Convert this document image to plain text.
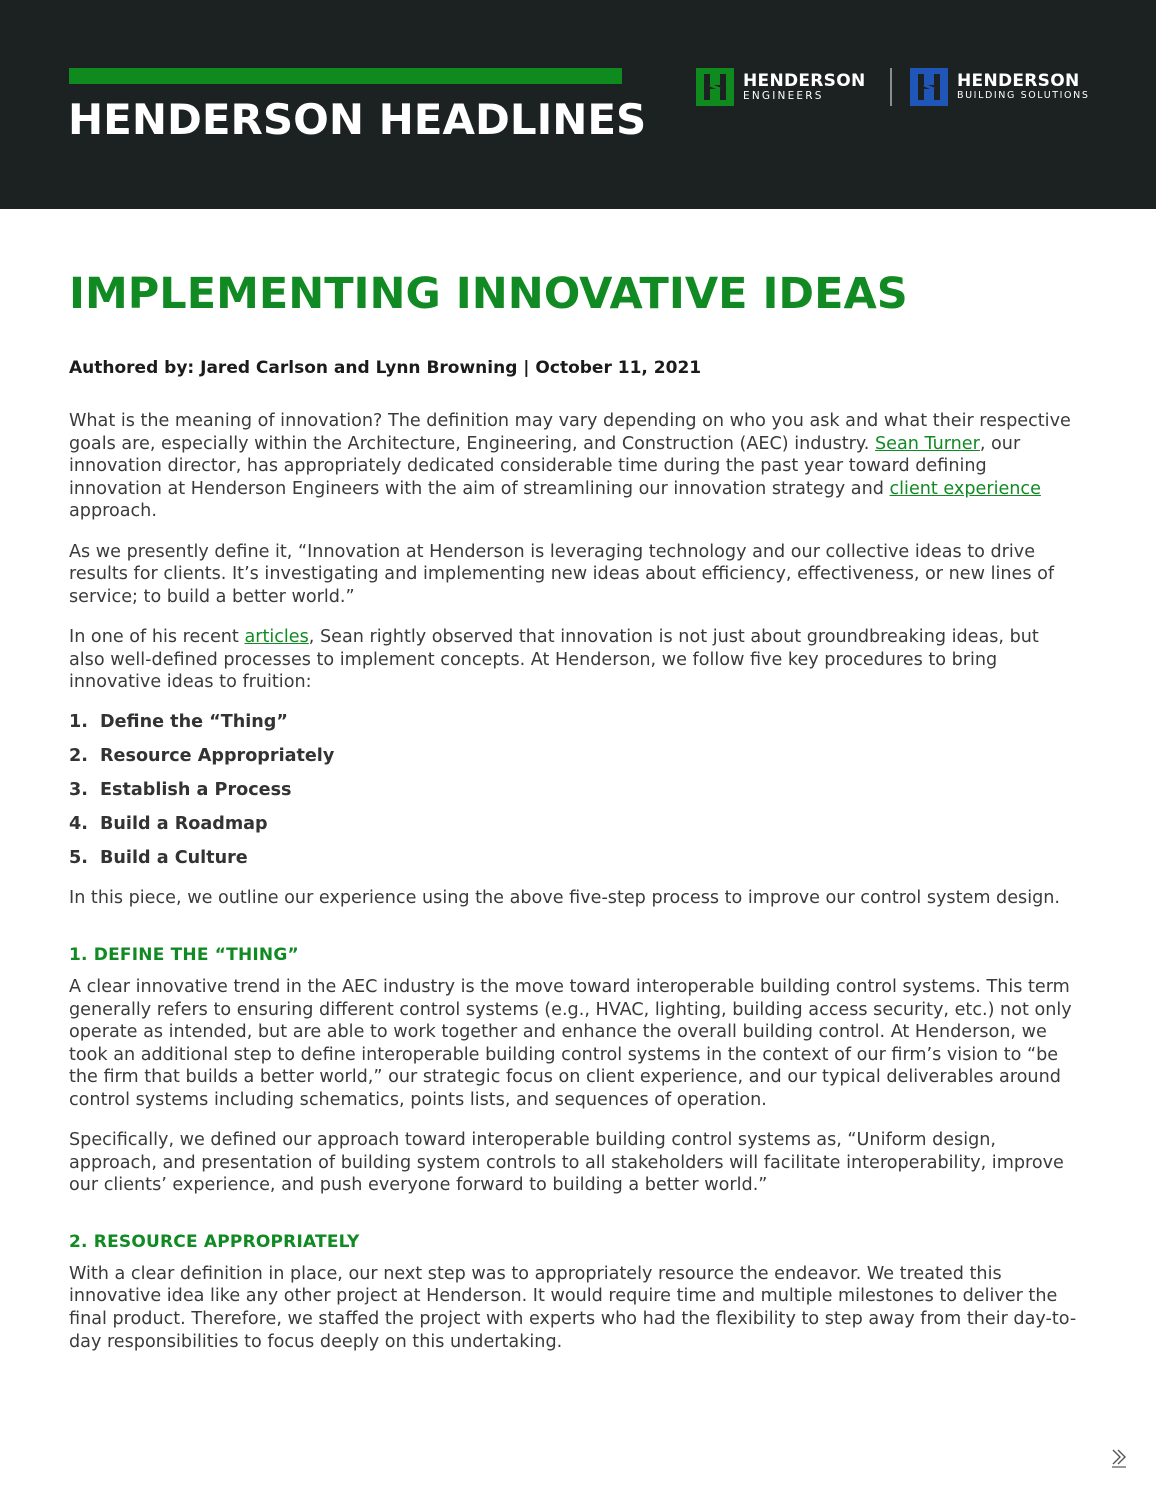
HENDERSON HEADLINES
HENDERSON
ENGINEERS
HENDERSON
BUILDING SOLUTIONS
IMPLEMENTING INNOVATIVE IDEAS
Authored by: Jared Carlson and Lynn Browning | October 11, 2021

What is the meaning of innovation? The definition may vary depending on who you ask and what their respective goals are, especially within the Architecture, Engineering, and Construction (AEC) industry. Sean Turner, our innovation director, has appropriately dedicated considerable time during the past year toward defining innovation at Henderson Engineers with the aim of streamlining our innovation strategy and client experience approach.

As we presently define it, “Innovation at Henderson is leveraging technology and our collective ideas to drive results for clients. It’s investigating and implementing new ideas about efficiency, effectiveness, or new lines of service; to build a better world.”

In one of his recent articles, Sean rightly observed that innovation is not just about groundbreaking ideas, but also well-defined processes to implement concepts. At Henderson, we follow five key procedures to bring innovative ideas to fruition:

1. Define the “Thing”
2. Resource Appropriately
3. Establish a Process
4. Build a Roadmap
5. Build a Culture

In this piece, we outline our experience using the above five-step process to improve our control system design.

1. DEFINE THE “THING”

A clear innovative trend in the AEC industry is the move toward interoperable building control systems. This term generally refers to ensuring different control systems (e.g., HVAC, lighting, building access security, etc.) not only operate as intended, but are able to work together and enhance the overall building control. At Henderson, we took an additional step to define interoperable building control systems in the context of our firm’s vision to “be the firm that builds a better world,” our strategic focus on client experience, and our typical deliverables around control systems including schematics, points lists, and sequences of operation.

Specifically, we defined our approach toward interoperable building control systems as, “Uniform design, approach, and presentation of building system controls to all stakeholders will facilitate interoperability, improve our clients’ experience, and push everyone forward to building a better world.”

2. RESOURCE APPROPRIATELY

With a clear definition in place, our next step was to appropriately resource the endeavor. We treated this innovative idea like any other project at Henderson. It would require time and multiple milestones to deliver the final product. Therefore, we staffed the project with experts who had the flexibility to step away from their day-to-day responsibilities to focus deeply on this undertaking.
